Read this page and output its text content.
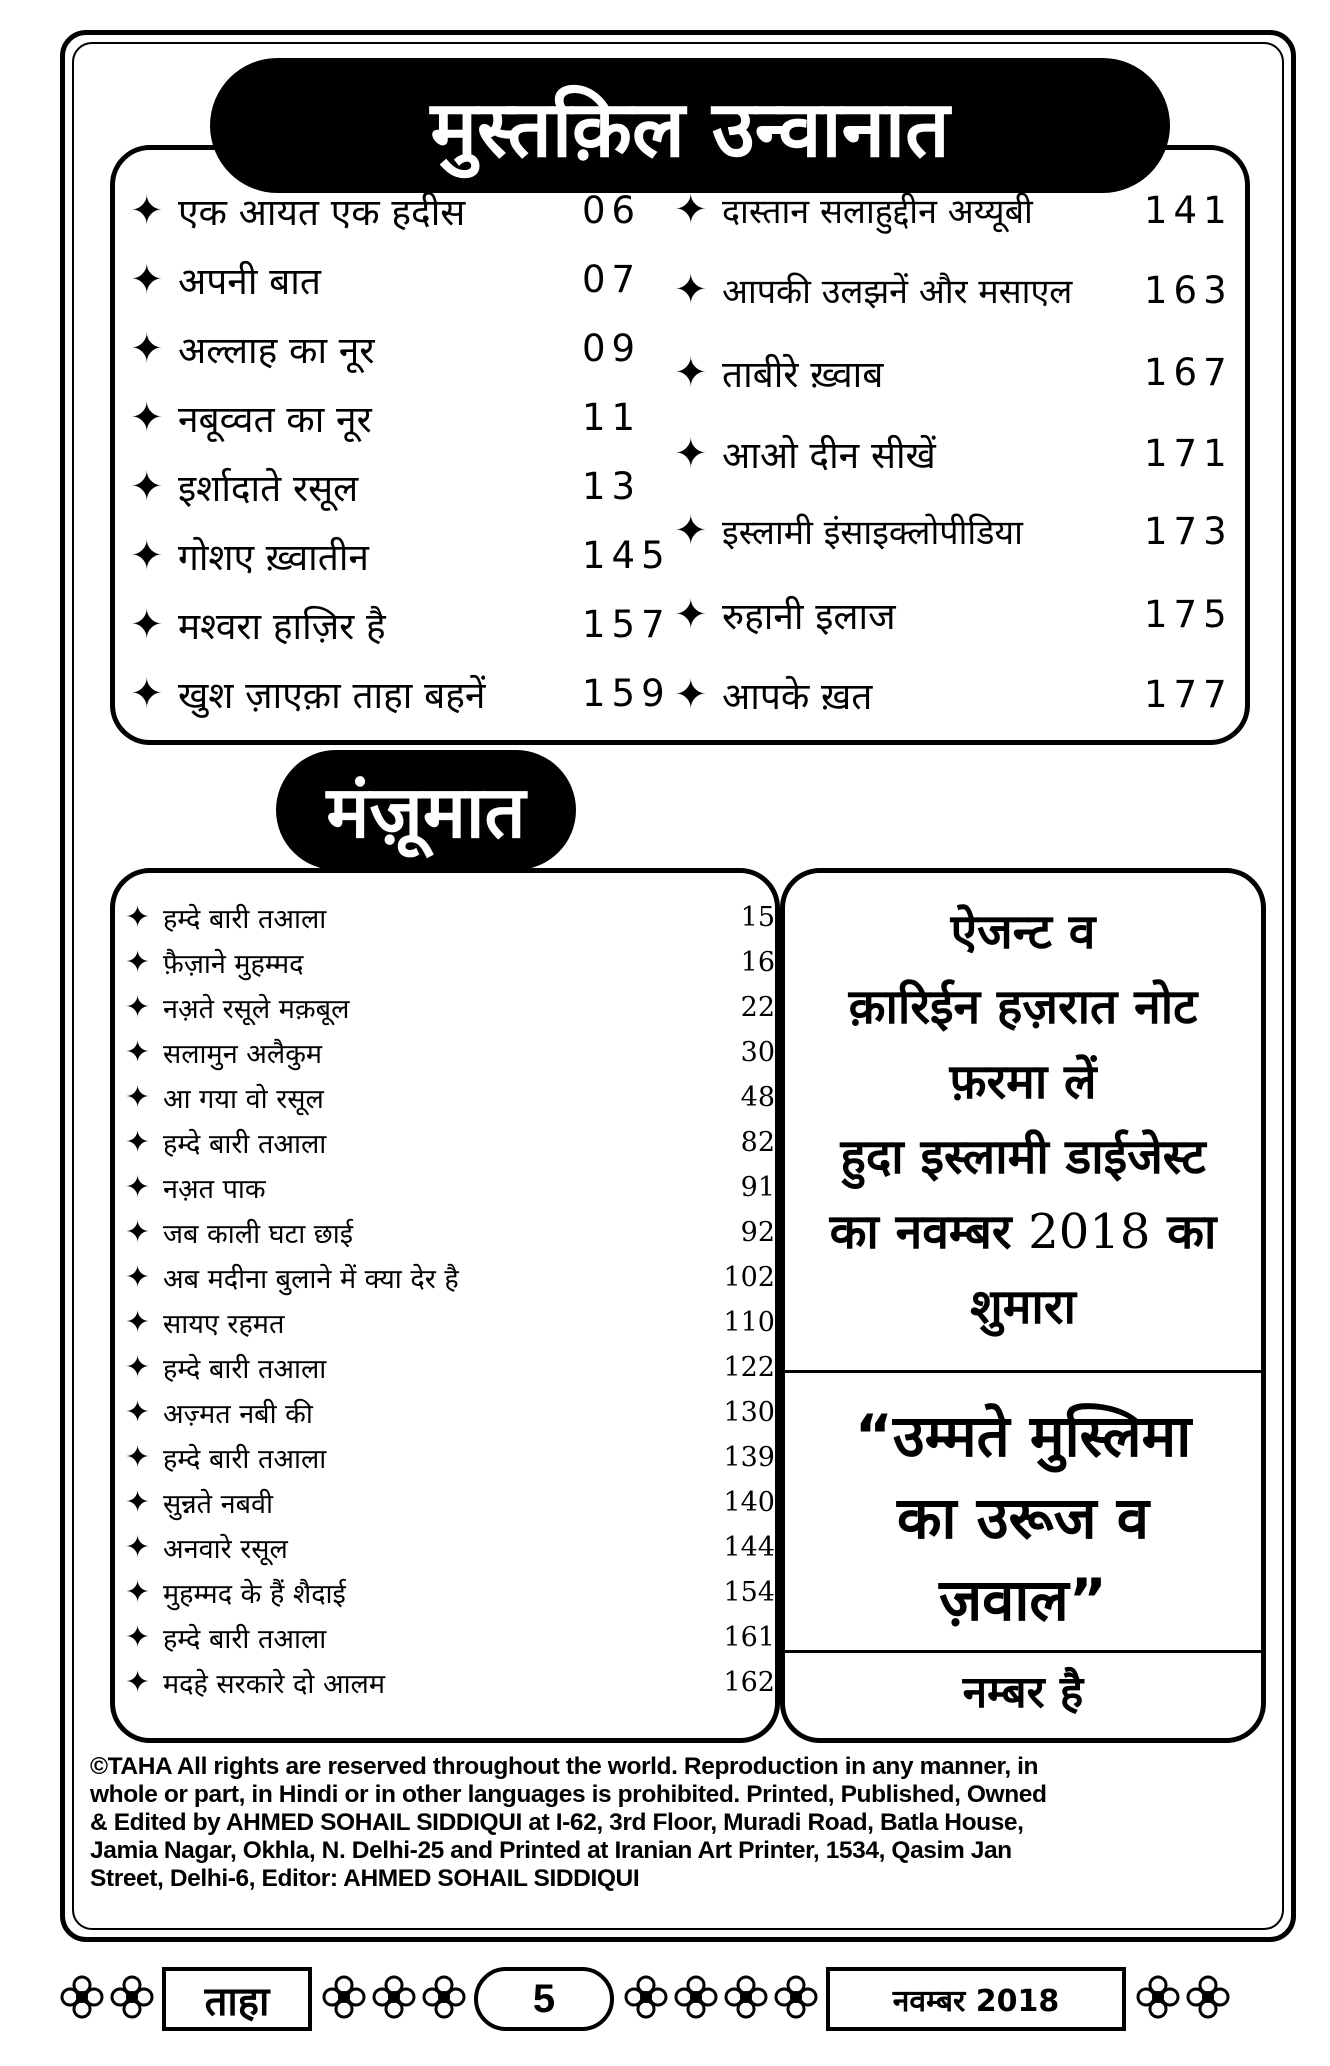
मुस्तक़िल उन्वानात
✦ एक आयत एक हदीस	06
✦ अपनी बात	07
✦ अल्लाह का नूर	09
✦ नबूव्वत का नूर	11
✦ इर्शादाते रसूल	13
✦ गोशए ख़्वातीन	145
✦ मश्वरा हाज़िर है	157
✦ खुश ज़ाएक़ा ताहा बहनें	159
✦ दास्तान सलाहुद्दीन अय्यूबी	141
✦ आपकी उलझनें और मसाएल 163
✦ ताबीरे ख़्वाब	167
✦ आओ दीन सीखें	171
✦ इस्लामी इंसाइक्लोपीडिया	173
✦ रुहानी इलाज	175
✦ आपके ख़त	177
मंज़ूमात
✦ हम्दे बारी तआला	15
✦ फ़ैज़ाने मुहम्मद	16
✦ नअ़ते रसूले मक़बूल	22
✦ सलामुन अलैकुम	30
✦ आ गया वो रसूल	48
✦ हम्दे बारी तआला	82
✦ नअ़त पाक	91
✦ जब काली घटा छाई	92
✦ अब मदीना बुलाने में क्या देर है	102
✦ सायए रहमत	110
✦ हम्दे बारी तआला	122
✦ अज़्मत नबी की	130
✦ हम्दे बारी तआला	139
✦ सुन्नते नबवी	140
✦ अनवारे रसूल	144
✦ मुहम्मद के हैं शैदाई	154
✦ हम्दे बारी तआला	161
✦ मदहे सरकारे दो आलम	162
ऐजन्ट व
क़ारिईन हज़रात नोट
फ़रमा लें
हुदा इस्लामी डाईजेस्ट
का नवम्बर 2018 का
शुमारा
“उम्मते मुस्लिमा
का उरूज व
ज़वाल”
नम्बर है
©TAHA All rights are reserved throughout the world. Reproduction in any manner, in
whole or part, in Hindi or in other languages is prohibited. Printed, Published, Owned
& Edited by AHMED SOHAIL SIDDIQUI at I-62, 3rd Floor, Muradi Road, Batla House,
Jamia Nagar, Okhla, N. Delhi-25 and Printed at Iranian Art Printer, 1534, Qasim Jan
Street, Delhi-6, Editor: AHMED SOHAIL SIDDIQUI
ताहा	5	नवम्बर 2018
